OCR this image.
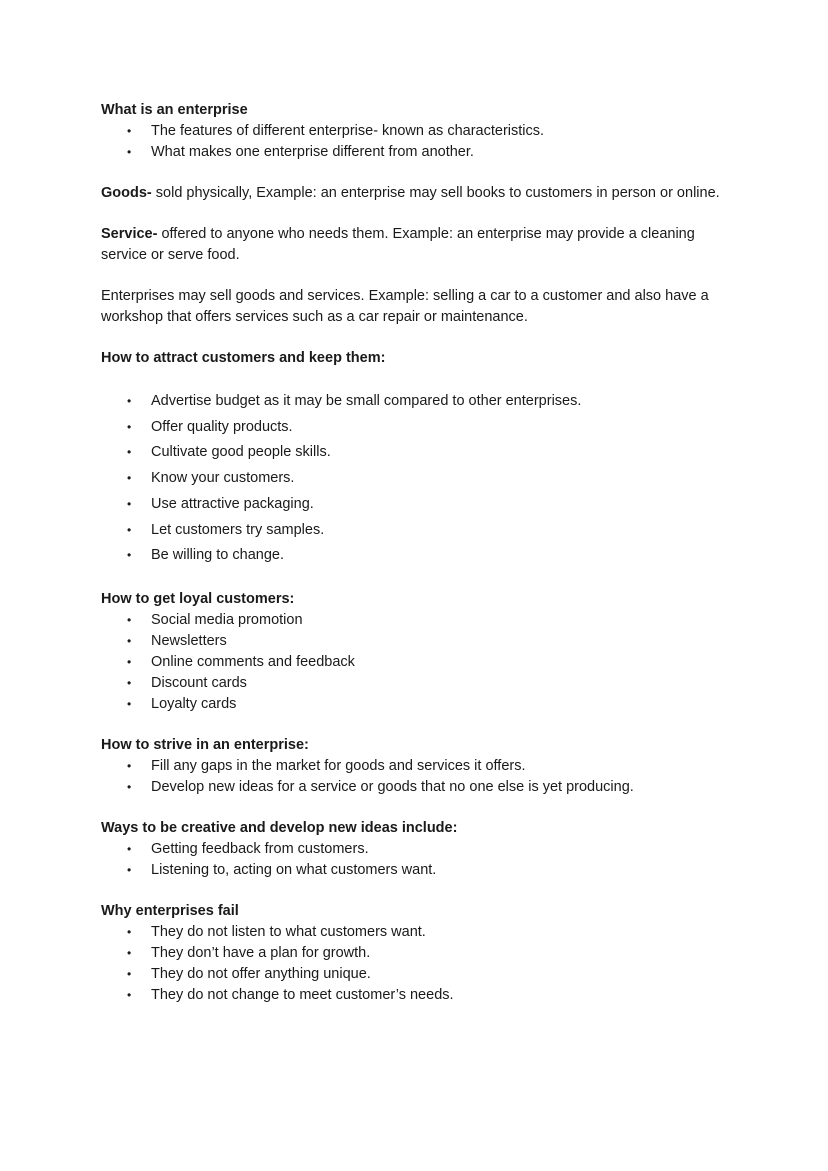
What is an enterprise

• The features of different enterprise- known as characteristics.
• What makes one enterprise different from another.

Goods- sold physically, Example: an enterprise may sell books to customers in person or online.

Service- offered to anyone who needs them. Example: an enterprise may provide a cleaning service or serve food.

Enterprises may sell goods and services. Example: selling a car to a customer and also have a workshop that offers services such as a car repair or maintenance.

How to attract customers and keep them:

• Advertise budget as it may be small compared to other enterprises.
• Offer quality products.
• Cultivate good people skills.
• Know your customers.
• Use attractive packaging.
• Let customers try samples.
• Be willing to change.

How to get loyal customers:

• Social media promotion
• Newsletters
• Online comments and feedback
• Discount cards
• Loyalty cards

How to strive in an enterprise:

• Fill any gaps in the market for goods and services it offers.
• Develop new ideas for a service or goods that no one else is yet producing.

Ways to be creative and develop new ideas include:

• Getting feedback from customers.
• Listening to, acting on what customers want.

Why enterprises fail

• They do not listen to what customers want.
• They don’t have a plan for growth.
• They do not offer anything unique.
• They do not change to meet customer’s needs.
